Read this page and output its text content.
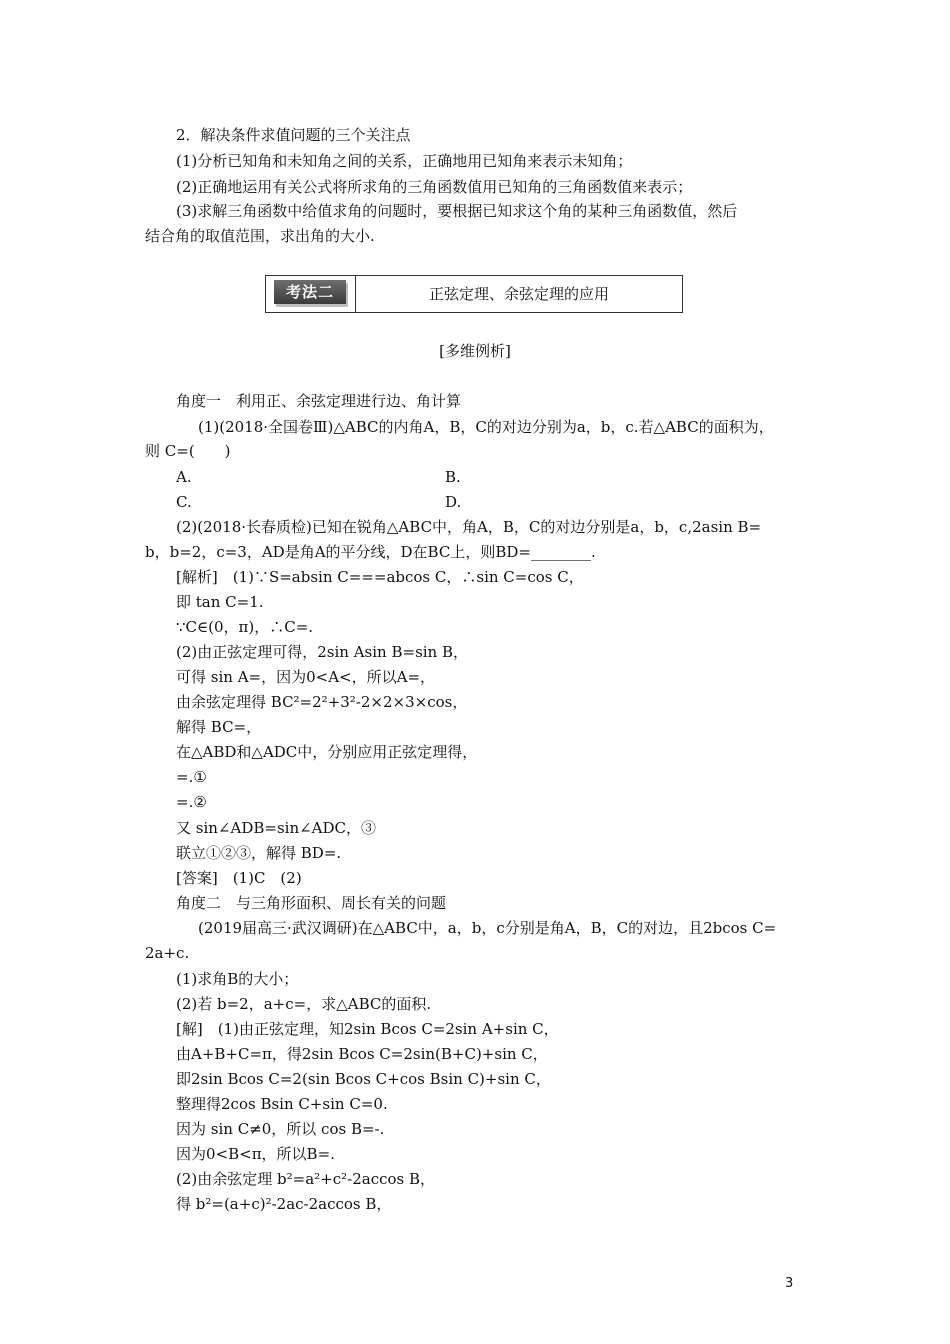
2．解决条件求值问题的三个关注点
(1)分析已知角和未知角之间的关系，正确地用已知角来表示未知角；
(2)正确地运用有关公式将所求角的三角函数值用已知角的三角函数值来表示；
(3)求解三角函数中给值求角的问题时，要根据已知求这个角的某种三角函数值，然后
结合角的取值范围，求出角的大小.
角度一　利用正、余弦定理进行边、角计算
(1)(2018·全国卷Ⅲ)△ABC的内角A，B，C的对边分别为a，b，c.若△ABC的面积为，
则 C=(　　)
A.	B.
C.	D.
(2)(2018·长春质检)已知在锐角△ABC中，角A，B，C的对边分别是a，b，c,2asin B=
b，b=2，c=3，AD是角A的平分线，D在BC上，则BD=________.
[解析]　(1)∵S=absin C===abcos C，∴sin C=cos C，
即 tan C=1.
∵C∈(0，π)，∴C=.
(2)由正弦定理可得，2sin Asin B=sin B，
可得 sin A=，因为0<A<，所以A=，
由余弦定理得 BC²=2²+3²-2×2×3×cos，
解得 BC=，
在△ABD和△ADC中，分别应用正弦定理得，
=.①
=.②
又 sin∠ADB=sin∠ADC，③
联立①②③，解得 BD=.
[答案]　(1)C　(2)
角度二　与三角形面积、周长有关的问题
(2019届高三·武汉调研)在△ABC中，a，b，c分别是角A，B，C的对边，且2bcos C=
2a+c.
(1)求角B的大小；
(2)若 b=2，a+c=，求△ABC的面积.
[解]　(1)由正弦定理，知2sin Bcos C=2sin A+sin C，
由A+B+C=π，得2sin Bcos C=2sin(B+C)+sin C，
即2sin Bcos C=2(sin Bcos C+cos Bsin C)+sin C，
整理得2cos Bsin C+sin C=0.
因为 sin C≠0，所以 cos B=-.
因为0<B<π，所以B=.
(2)由余弦定理 b²=a²+c²-2accos B，
得 b²=(a+c)²-2ac-2accos B，
考法二	正弦定理、余弦定理的应用
[多维例析]
3
